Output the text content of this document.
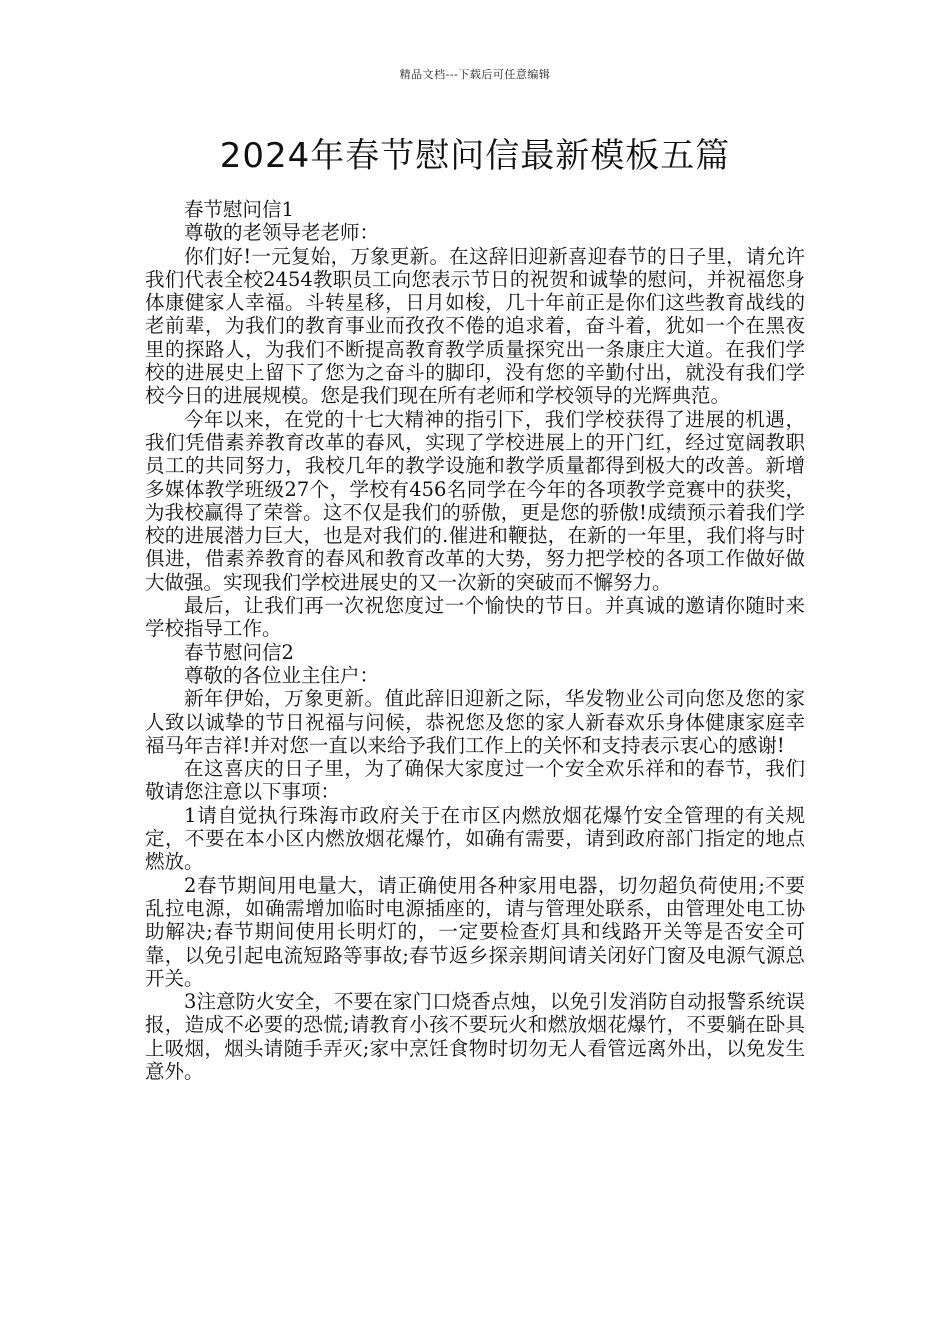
精品文档---下载后可任意编辑
2024年春节慰问信最新模板五篇

春节慰问信1

尊敬的老领导老老师：

你们好!一元复始，万象更新。在这辞旧迎新喜迎春节的日子里，请允许我们代表全校2454教职员工向您表示节日的祝贺和诚挚的慰问，并祝福您身体康健家人幸福。斗转星移，日月如梭，几十年前正是你们这些教育战线的老前辈，为我们的教育事业而孜孜不倦的追求着，奋斗着，犹如一个在黑夜里的探路人，为我们不断提高教育教学质量探究出一条康庄大道。在我们学校的进展史上留下了您为之奋斗的脚印，没有您的辛勤付出，就没有我们学校今日的进展规模。您是我们现在所有老师和学校领导的光辉典范。

今年以来，在党的十七大精神的指引下，我们学校获得了进展的机遇，我们凭借素养教育改革的春风，实现了学校进展上的开门红，经过宽阔教职员工的共同努力，我校几年的教学设施和教学质量都得到极大的改善。新增多媒体教学班级27个，学校有456名同学在今年的各项教学竞赛中的获奖，为我校赢得了荣誉。这不仅是我们的骄傲，更是您的骄傲!成绩预示着我们学校的进展潜力巨大，也是对我们的.催进和鞭挞，在新的一年里，我们将与时俱进，借素养教育的春风和教育改革的大势，努力把学校的各项工作做好做大做强。实现我们学校进展史的又一次新的突破而不懈努力。

最后，让我们再一次祝您度过一个愉快的节日。并真诚的邀请你随时来学校指导工作。

春节慰问信2

尊敬的各位业主住户：

新年伊始，万象更新。值此辞旧迎新之际，华发物业公司向您及您的家人致以诚挚的节日祝福与问候，恭祝您及您的家人新春欢乐身体健康家庭幸福马年吉祥!并对您一直以来给予我们工作上的关怀和支持表示衷心的感谢!

在这喜庆的日子里，为了确保大家度过一个安全欢乐祥和的春节，我们敬请您注意以下事项：

1请自觉执行珠海市政府关于在市区内燃放烟花爆竹安全管理的有关规定，不要在本小区内燃放烟花爆竹，如确有需要，请到政府部门指定的地点燃放。

2春节期间用电量大，请正确使用各种家用电器，切勿超负荷使用;不要乱拉电源，如确需增加临时电源插座的，请与管理处联系，由管理处电工协助解决;春节期间使用长明灯的，一定要检查灯具和线路开关等是否安全可靠，以免引起电流短路等事故;春节返乡探亲期间请关闭好门窗及电源气源总开关。

3注意防火安全，不要在家门口烧香点烛，以免引发消防自动报警系统误报，造成不必要的恐慌;请教育小孩不要玩火和燃放烟花爆竹，不要躺在卧具上吸烟，烟头请随手弄灭;家中烹饪食物时切勿无人看管远离外出，以免发生意外。
